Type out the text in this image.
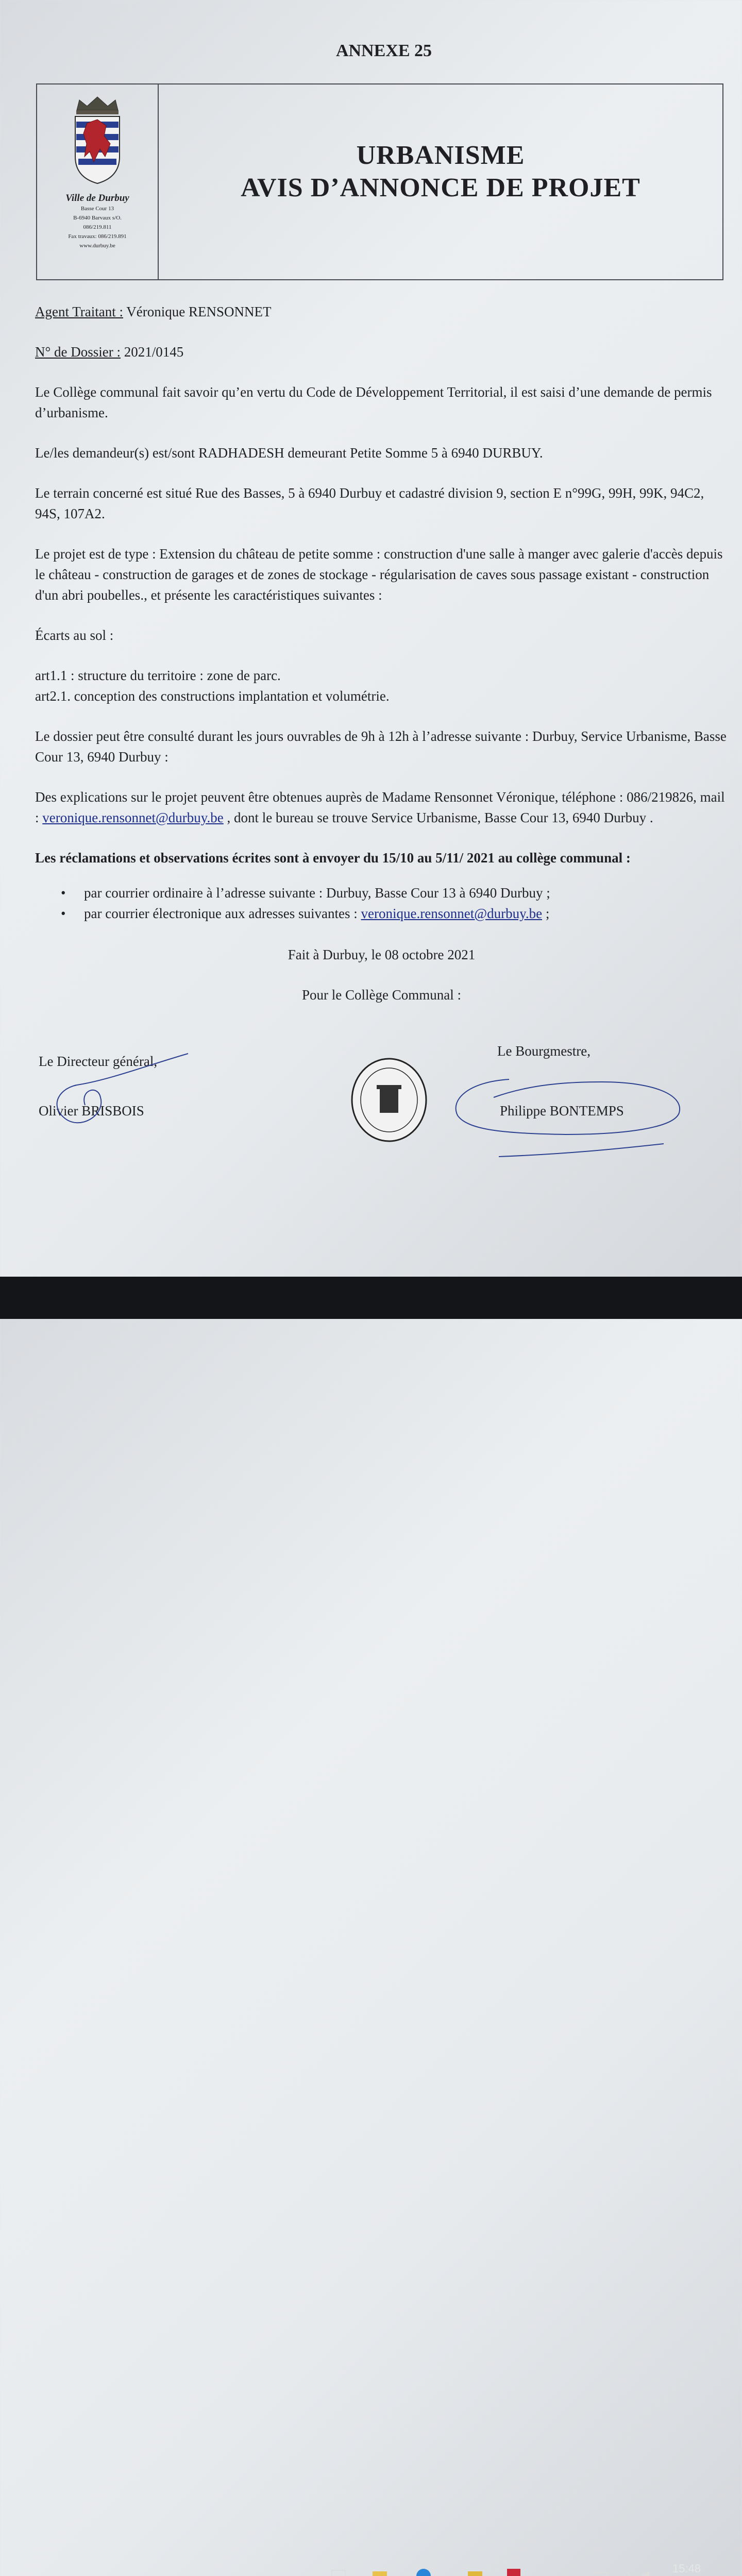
ANNEXE 25
Ville de Durbuy
Basse Cour 13
B-6940 Barvaux s/O.
086/219.811
Fax travaux: 086/219.891
www.durbuy.be
URBANISME
AVIS D’ANNONCE DE PROJET

Agent Traitant : Véronique RENSONNET

N° de Dossier : 2021/0145

Le Collège communal fait savoir qu’en vertu du Code de Développement Territorial, il est saisi d’une demande de permis d’urbanisme.

Le/les demandeur(s) est/sont RADHADESH demeurant Petite Somme 5 à 6940 DURBUY.

Le terrain concerné est situé Rue des Basses, 5 à 6940 Durbuy et cadastré division 9, section E n°99G, 99H, 99K, 94C2, 94S, 107A2.

Le projet est de type : Extension du château de petite somme : construction d'une salle à manger avec galerie d'accès depuis le château - construction de garages et de zones de stockage - régularisation de caves sous passage existant - construction d'un abri poubelles., et présente les caractéristiques suivantes :

Écarts au sol :

art1.1 : structure du territoire : zone de parc.
art2.1. conception des constructions implantation et volumétrie.

Le dossier peut être consulté durant les jours ouvrables de 9h à 12h à l’adresse suivante : Durbuy, Service Urbanisme, Basse Cour 13, 6940 Durbuy :

Des explications sur le projet peuvent être obtenues auprès de Madame Rensonnet Véronique, téléphone : 086/219826, mail : veronique.rensonnet@durbuy.be , dont le bureau se trouve Service Urbanisme, Basse Cour 13, 6940 Durbuy .

Les réclamations et observations écrites sont à envoyer du 15/10 au 5/11/ 2021 au collège communal :

• par courrier ordinaire à l’adresse suivante : Durbuy, Basse Cour 13 à 6940 Durbuy ;
• par courrier électronique aux adresses suivantes : veronique.rensonnet@durbuy.be ;

Fait à Durbuy, le 08 octobre 2021

Pour le Collège Communal :

Le Directeur général,
Olivier BRISBOIS
Le Bourgmestre,
Philippe BONTEMPS
15:48
